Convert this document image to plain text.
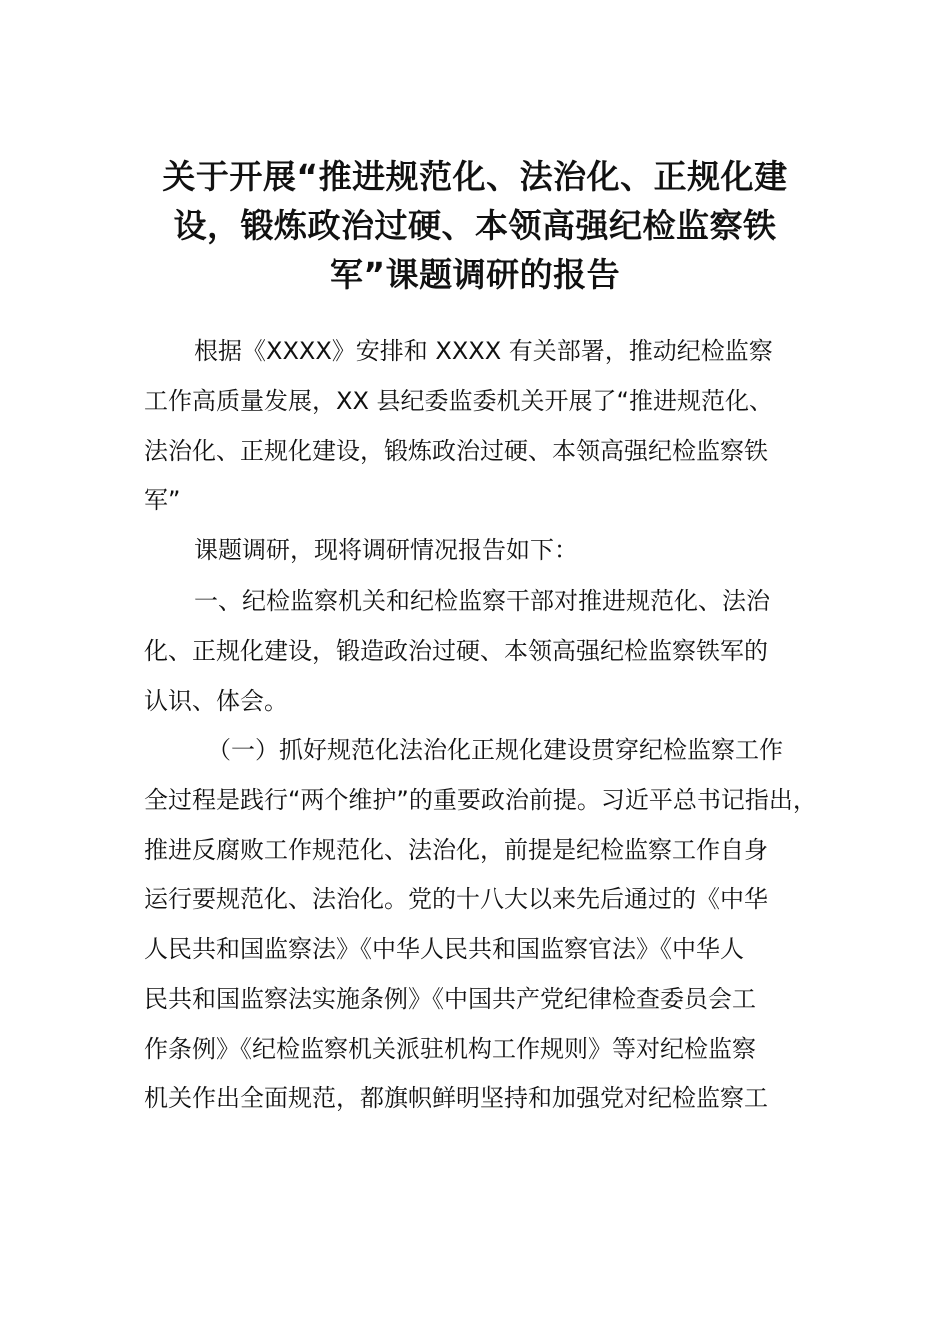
关于开展“推进规范化、法治化、正规化建
设，锻炼政治过硬、本领高强纪检监察铁
军”课题调研的报告
根据《XXXX》安排和 XXXX 有关部署，推动纪检监察
工作高质量发展，XX 县纪委监委机关开展了“推进规范化、
法治化、正规化建设，锻炼政治过硬、本领高强纪检监察铁
军”
课题调研，现将调研情况报告如下：
一、纪检监察机关和纪检监察干部对推进规范化、法治
化、正规化建设，锻造政治过硬、本领高强纪检监察铁军的
认识、体会。
（一）抓好规范化法治化正规化建设贯穿纪检监察工作
全过程是践行“两个维护”的重要政治前提。习近平总书记指出，
推进反腐败工作规范化、法治化，前提是纪检监察工作自身
运行要规范化、法治化。党的十八大以来先后通过的《中华
人民共和国监察法》《中华人民共和国监察官法》《中华人
民共和国监察法实施条例》《中国共产党纪律检查委员会工
作条例》《纪检监察机关派驻机构工作规则》等对纪检监察
机关作出全面规范，都旗帜鲜明坚持和加强党对纪检监察工
